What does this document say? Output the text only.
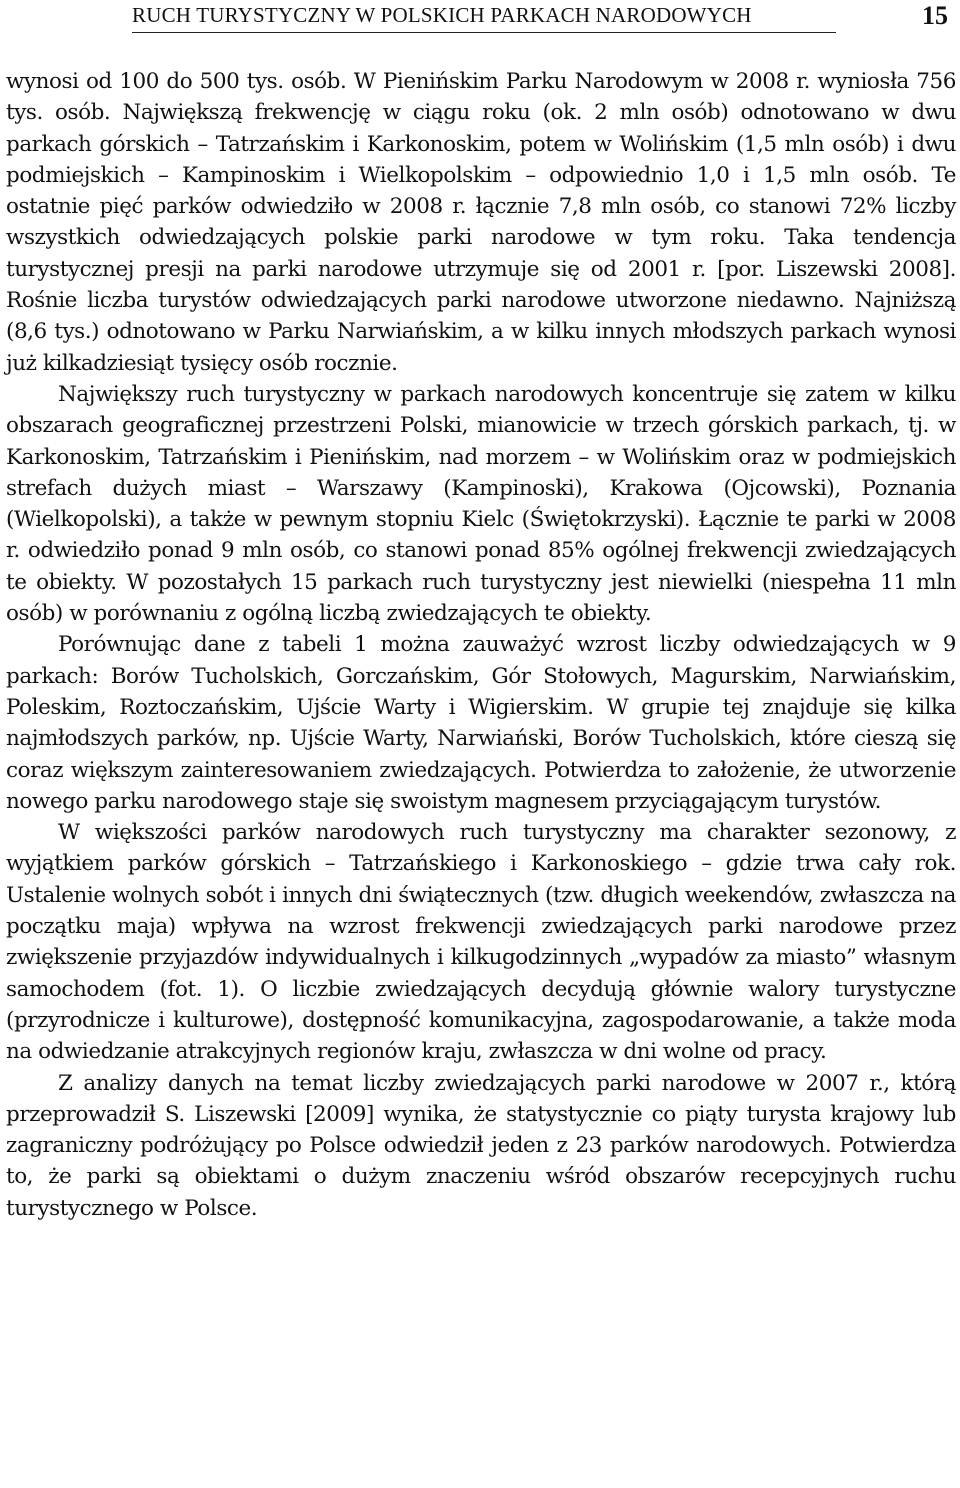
RUCH TURYSTYCZNY W POLSKICH PARKACH NARODOWYCH	15

wynosi od 100 do 500 tys. osób. W Pienińskim Parku Narodowym w 2008 r. wyniosła 756 tys. osób. Największą frekwencję w ciągu roku (ok. 2 mln osób) odnotowano w dwu parkach górskich – Tatrzańskim i Karkonoskim, potem w Wolińskim (1,5 mln osób) i dwu podmiejskich – Kampinoskim i Wielkopolskim – odpowiednio 1,0 i 1,5 mln osób. Te ostatnie pięć parków odwiedziło w 2008 r. łącznie 7,8 mln osób, co stanowi 72% liczby wszystkich odwiedzających polskie parki narodowe w tym roku. Taka tendencja turystycznej presji na parki narodowe utrzymuje się od 2001 r. [por. Liszewski 2008]. Rośnie liczba turystów odwiedzających parki narodowe utworzone niedawno. Najniższą (8,6 tys.) odnotowano w Parku Narwiańskim, a w kilku innych młodszych parkach wynosi już kilkadziesiąt tysięcy osób rocznie.

Największy ruch turystyczny w parkach narodowych koncentruje się zatem w kilku obszarach geograficznej przestrzeni Polski, mianowicie w trzech górskich parkach, tj. w Karkonoskim, Tatrzańskim i Pienińskim, nad morzem – w Wolińskim oraz w podmiejskich strefach dużych miast – Warszawy (Kampinoski), Krakowa (Ojcowski), Poznania (Wielkopolski), a także w pewnym stopniu Kielc (Świętokrzyski). Łącznie te parki w 2008 r. odwiedziło ponad 9 mln osób, co stanowi ponad 85% ogólnej frekwencji zwiedzających te obiekty. W pozostałych 15 parkach ruch turystyczny jest niewielki (niespełna 11 mln osób) w porównaniu z ogólną liczbą zwiedzających te obiekty.

Porównując dane z tabeli 1 można zauważyć wzrost liczby odwiedzających w 9 parkach: Borów Tucholskich, Gorczańskim, Gór Stołowych, Magurskim, Narwiańskim, Poleskim, Roztoczańskim, Ujście Warty i Wigierskim. W grupie tej znajduje się kilka najmłodszych parków, np. Ujście Warty, Narwiański, Borów Tucholskich, które cieszą się coraz większym zainteresowaniem zwiedzających. Potwierdza to założenie, że utworzenie nowego parku narodowego staje się swoistym magnesem przyciągającym turystów.

W większości parków narodowych ruch turystyczny ma charakter sezonowy, z wyjątkiem parków górskich – Tatrzańskiego i Karkonoskiego – gdzie trwa cały rok. Ustalenie wolnych sobót i innych dni świątecznych (tzw. długich weekendów, zwłaszcza na początku maja) wpływa na wzrost frekwencji zwiedzających parki narodowe przez zwiększenie przyjazdów indywidualnych i kilkugodzinnych „wypadów za miasto” własnym samochodem (fot. 1). O liczbie zwiedzających decydują głównie walory turystyczne (przyrodnicze i kulturowe), dostępność komunikacyjna, zagospodarowanie, a także moda na odwiedzanie atrakcyjnych regionów kraju, zwłaszcza w dni wolne od pracy.

Z analizy danych na temat liczby zwiedzających parki narodowe w 2007 r., którą przeprowadził S. Liszewski [2009] wynika, że statystycznie co piąty turysta krajowy lub zagraniczny podróżujący po Polsce odwiedził jeden z 23 parków narodowych. Potwierdza to, że parki są obiektami o dużym znaczeniu wśród obszarów recepcyjnych ruchu turystycznego w Polsce.
